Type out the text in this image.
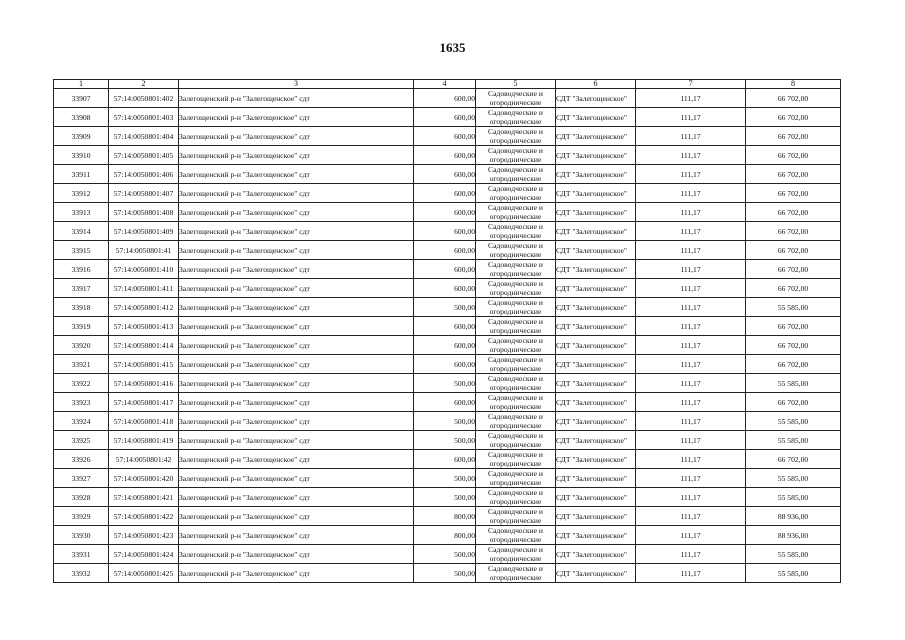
1635
1	2	3	4	5	6	7	8
33907	57:14:0050801:402	Залегощенский р-н "Залегощенское" сдт	600,00	Садоводческие и
огороднические	СДТ "Залегощенское"	111,17	66 702,00
33908	57:14:0050801:403	Залегощенский р-н "Залегощенское" сдт	600,00	Садоводческие и
огороднические	СДТ "Залегощенское"	111,17	66 702,00
33909	57:14:0050801:404	Залегощенский р-н "Залегощенское" сдт	600,00	Садоводческие и
огороднические	СДТ "Залегощенское"	111,17	66 702,00
33910	57:14:0050801:405	Залегощенский р-н "Залегощенское" сдт	600,00	Садоводческие и
огороднические	СДТ "Залегощенское"	111,17	66 702,00
33911	57:14:0050801:406	Залегощенский р-н "Залегощенское" сдт	600,00	Садоводческие и
огороднические	СДТ "Залегощенское"	111,17	66 702,00
33912	57:14:0050801:407	Залегощенский р-н "Залегощенское" сдт	600,00	Садоводческие и
огороднические	СДТ "Залегощенское"	111,17	66 702,00
33913	57:14:0050801:408	Залегощенский р-н "Залегощенское" сдт	600,00	Садоводческие и
огороднические	СДТ "Залегощенское"	111,17	66 702,00
33914	57:14:0050801:409	Залегощенский р-н "Залегощенское" сдт	600,00	Садоводческие и
огороднические	СДТ "Залегощенское"	111,17	66 702,00
33915	57:14:0050801:41	Залегощенский р-н "Залегощенское" сдт	600,00	Садоводческие и
огороднические	СДТ "Залегощенское"	111,17	66 702,00
33916	57:14:0050801:410	Залегощенский р-н "Залегощенское" сдт	600,00	Садоводческие и
огороднические	СДТ "Залегощенское"	111,17	66 702,00
33917	57:14:0050801:411	Залегощенский р-н "Залегощенское" сдт	600,00	Садоводческие и
огороднические	СДТ "Залегощенское"	111,17	66 702,00
33918	57:14:0050801:412	Залегощенский р-н "Залегощенское" сдт	500,00	Садоводческие и
огороднические	СДТ "Залегощенское"	111,17	55 585,00
33919	57:14:0050801:413	Залегощенский р-н "Залегощенское" сдт	600,00	Садоводческие и
огороднические	СДТ "Залегощенское"	111,17	66 702,00
33920	57:14:0050801:414	Залегощенский р-н "Залегощенское" сдт	600,00	Садоводческие и
огороднические	СДТ "Залегощенское"	111,17	66 702,00
33921	57:14:0050801:415	Залегощенский р-н "Залегощенское" сдт	600,00	Садоводческие и
огороднические	СДТ "Залегощенское"	111,17	66 702,00
33922	57:14:0050801:416	Залегощенский р-н "Залегощенское" сдт	500,00	Садоводческие и
огороднические	СДТ "Залегощенское"	111,17	55 585,00
33923	57:14:0050801:417	Залегощенский р-н "Залегощенское" сдт	600,00	Садоводческие и
огороднические	СДТ "Залегощенское"	111,17	66 702,00
33924	57:14:0050801:418	Залегощенский р-н "Залегощенское" сдт	500,00	Садоводческие и
огороднические	СДТ "Залегощенское"	111,17	55 585,00
33925	57:14:0050801:419	Залегощенский р-н "Залегощенское" сдт	500,00	Садоводческие и
огороднические	СДТ "Залегощенское"	111,17	55 585,00
33926	57:14:0050801:42	Залегощенский р-н "Залегощенское" сдт	600,00	Садоводческие и
огороднические	СДТ "Залегощенское"	111,17	66 702,00
33927	57:14:0050801:420	Залегощенский р-н "Залегощенское" сдт	500,00	Садоводческие и
огороднические	СДТ "Залегощенское"	111,17	55 585,00
33928	57:14:0050801:421	Залегощенский р-н "Залегощенское" сдт	500,00	Садоводческие и
огороднические	СДТ "Залегощенское"	111,17	55 585,00
33929	57:14:0050801:422	Залегощенский р-н "Залегощенское" сдт	800,00	Садоводческие и
огороднические	СДТ "Залегощенское"	111,17	88 936,00
33930	57:14:0050801:423	Залегощенский р-н "Залегощенское" сдт	800,00	Садоводческие и
огороднические	СДТ "Залегощенское"	111,17	88 936,00
33931	57:14:0050801:424	Залегощенский р-н "Залегощенское" сдт	500,00	Садоводческие и
огороднические	СДТ "Залегощенское"	111,17	55 585,00
33932	57:14:0050801:425	Залегощенский р-н "Залегощенское" сдт	500,00	Садоводческие и
огороднические	СДТ "Залегощенское"	111,17	55 585,00
